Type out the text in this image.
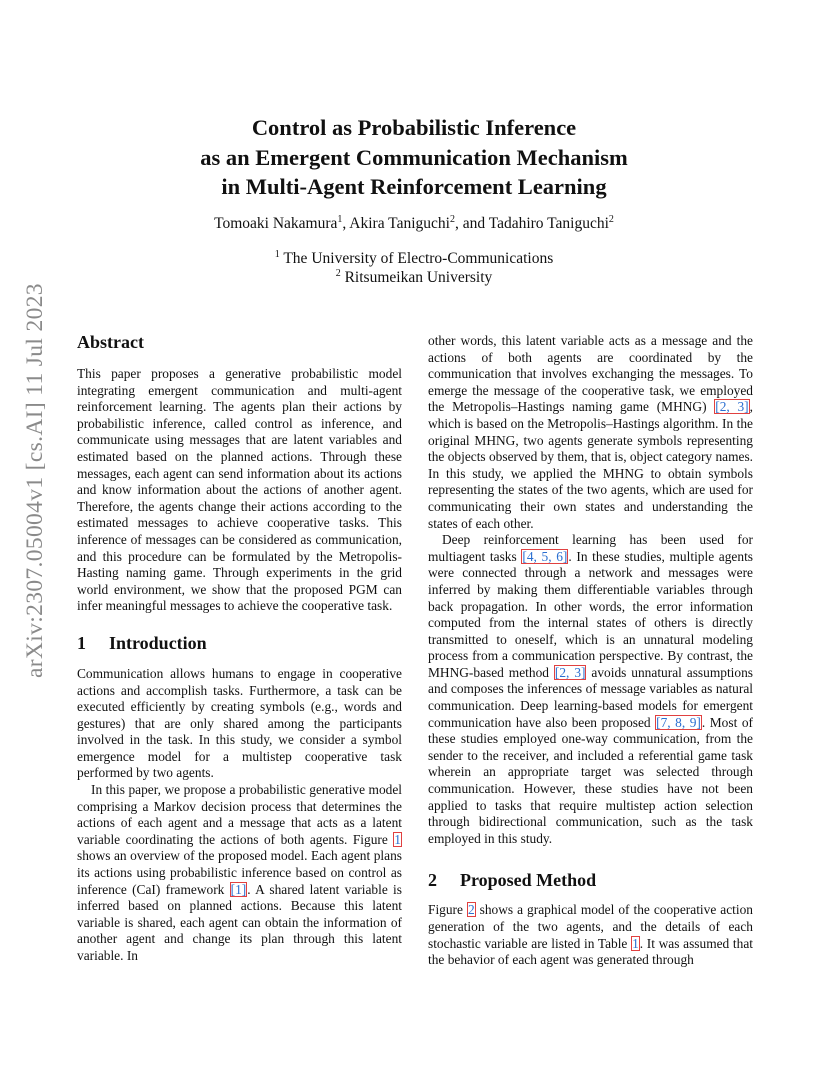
arXiv:2307.05004v1 [cs.AI] 11 Jul 2023
Control as Probabilistic Inference
as an Emergent Communication Mechanism
in Multi-Agent Reinforcement Learning
Tomoaki Nakamura$^1$, Akira Taniguchi$^2$, and Tadahiro Taniguchi$^2$
$^1$ The University of Electro-Communications
$^2$ Ritsumeikan University
Abstract

This paper proposes a generative probabilistic model integrating emergent communication and multi-agent reinforcement learning. The agents plan their actions by probabilistic inference, called control as inference, and communicate using messages that are latent variables and estimated based on the planned actions. Through these messages, each agent can send information about its actions and know information about the actions of another agent. Therefore, the agents change their actions according to the estimated messages to achieve cooperative tasks. This inference of messages can be considered as communication, and this procedure can be formulated by the Metropolis-Hasting naming game. Through experiments in the grid world environment, we show that the proposed PGM can infer meaningful messages to achieve the cooperative task.

1 Introduction

Communication allows humans to engage in cooperative actions and accomplish tasks. Furthermore, a task can be executed efficiently by creating symbols (e.g., words and gestures) that are only shared among the participants involved in the task. In this study, we consider a symbol emergence model for a multistep cooperative task performed by two agents.

In this paper, we propose a probabilistic generative model comprising a Markov decision process that determines the actions of each agent and a message that acts as a latent variable coordinating the actions of both agents. Figure 1 shows an overview of the proposed model. Each agent plans its actions using probabilistic inference based on control as inference (CaI) framework [1]. A shared latent variable is inferred based on planned actions. Because this latent variable is shared, each agent can obtain the information of another agent and change its plan through this latent variable. In

other words, this latent variable acts as a message and the actions of both agents are coordinated by the communication that involves exchanging the messages. To emerge the message of the cooperative task, we employed the Metropolis–Hastings naming game (MHNG) [2, 3], which is based on the Metropolis–Hastings algorithm. In the original MHNG, two agents generate symbols representing the objects observed by them, that is, object category names. In this study, we applied the MHNG to obtain symbols representing the states of the two agents, which are used for communicating their own states and understanding the states of each other.

Deep reinforcement learning has been used for multiagent tasks [4, 5, 6]. In these studies, multiple agents were connected through a network and messages were inferred by making them differentiable variables through back propagation. In other words, the error information computed from the internal states of others is directly transmitted to oneself, which is an unnatural modeling process from a communication perspective. By contrast, the MHNG-based method [2, 3] avoids unnatural assumptions and composes the inferences of message variables as natural communication. Deep learning-based models for emergent communication have also been proposed [7, 8, 9]. Most of these studies employed one-way communication, from the sender to the receiver, and included a referential game task wherein an appropriate target was selected through communication. However, these studies have not been applied to tasks that require multistep action selection through bidirectional communication, such as the task employed in this study.

2 Proposed Method

Figure 2 shows a graphical model of the cooperative action generation of the two agents, and the details of each stochastic variable are listed in Table 1. It was assumed that the behavior of each agent was generated through
